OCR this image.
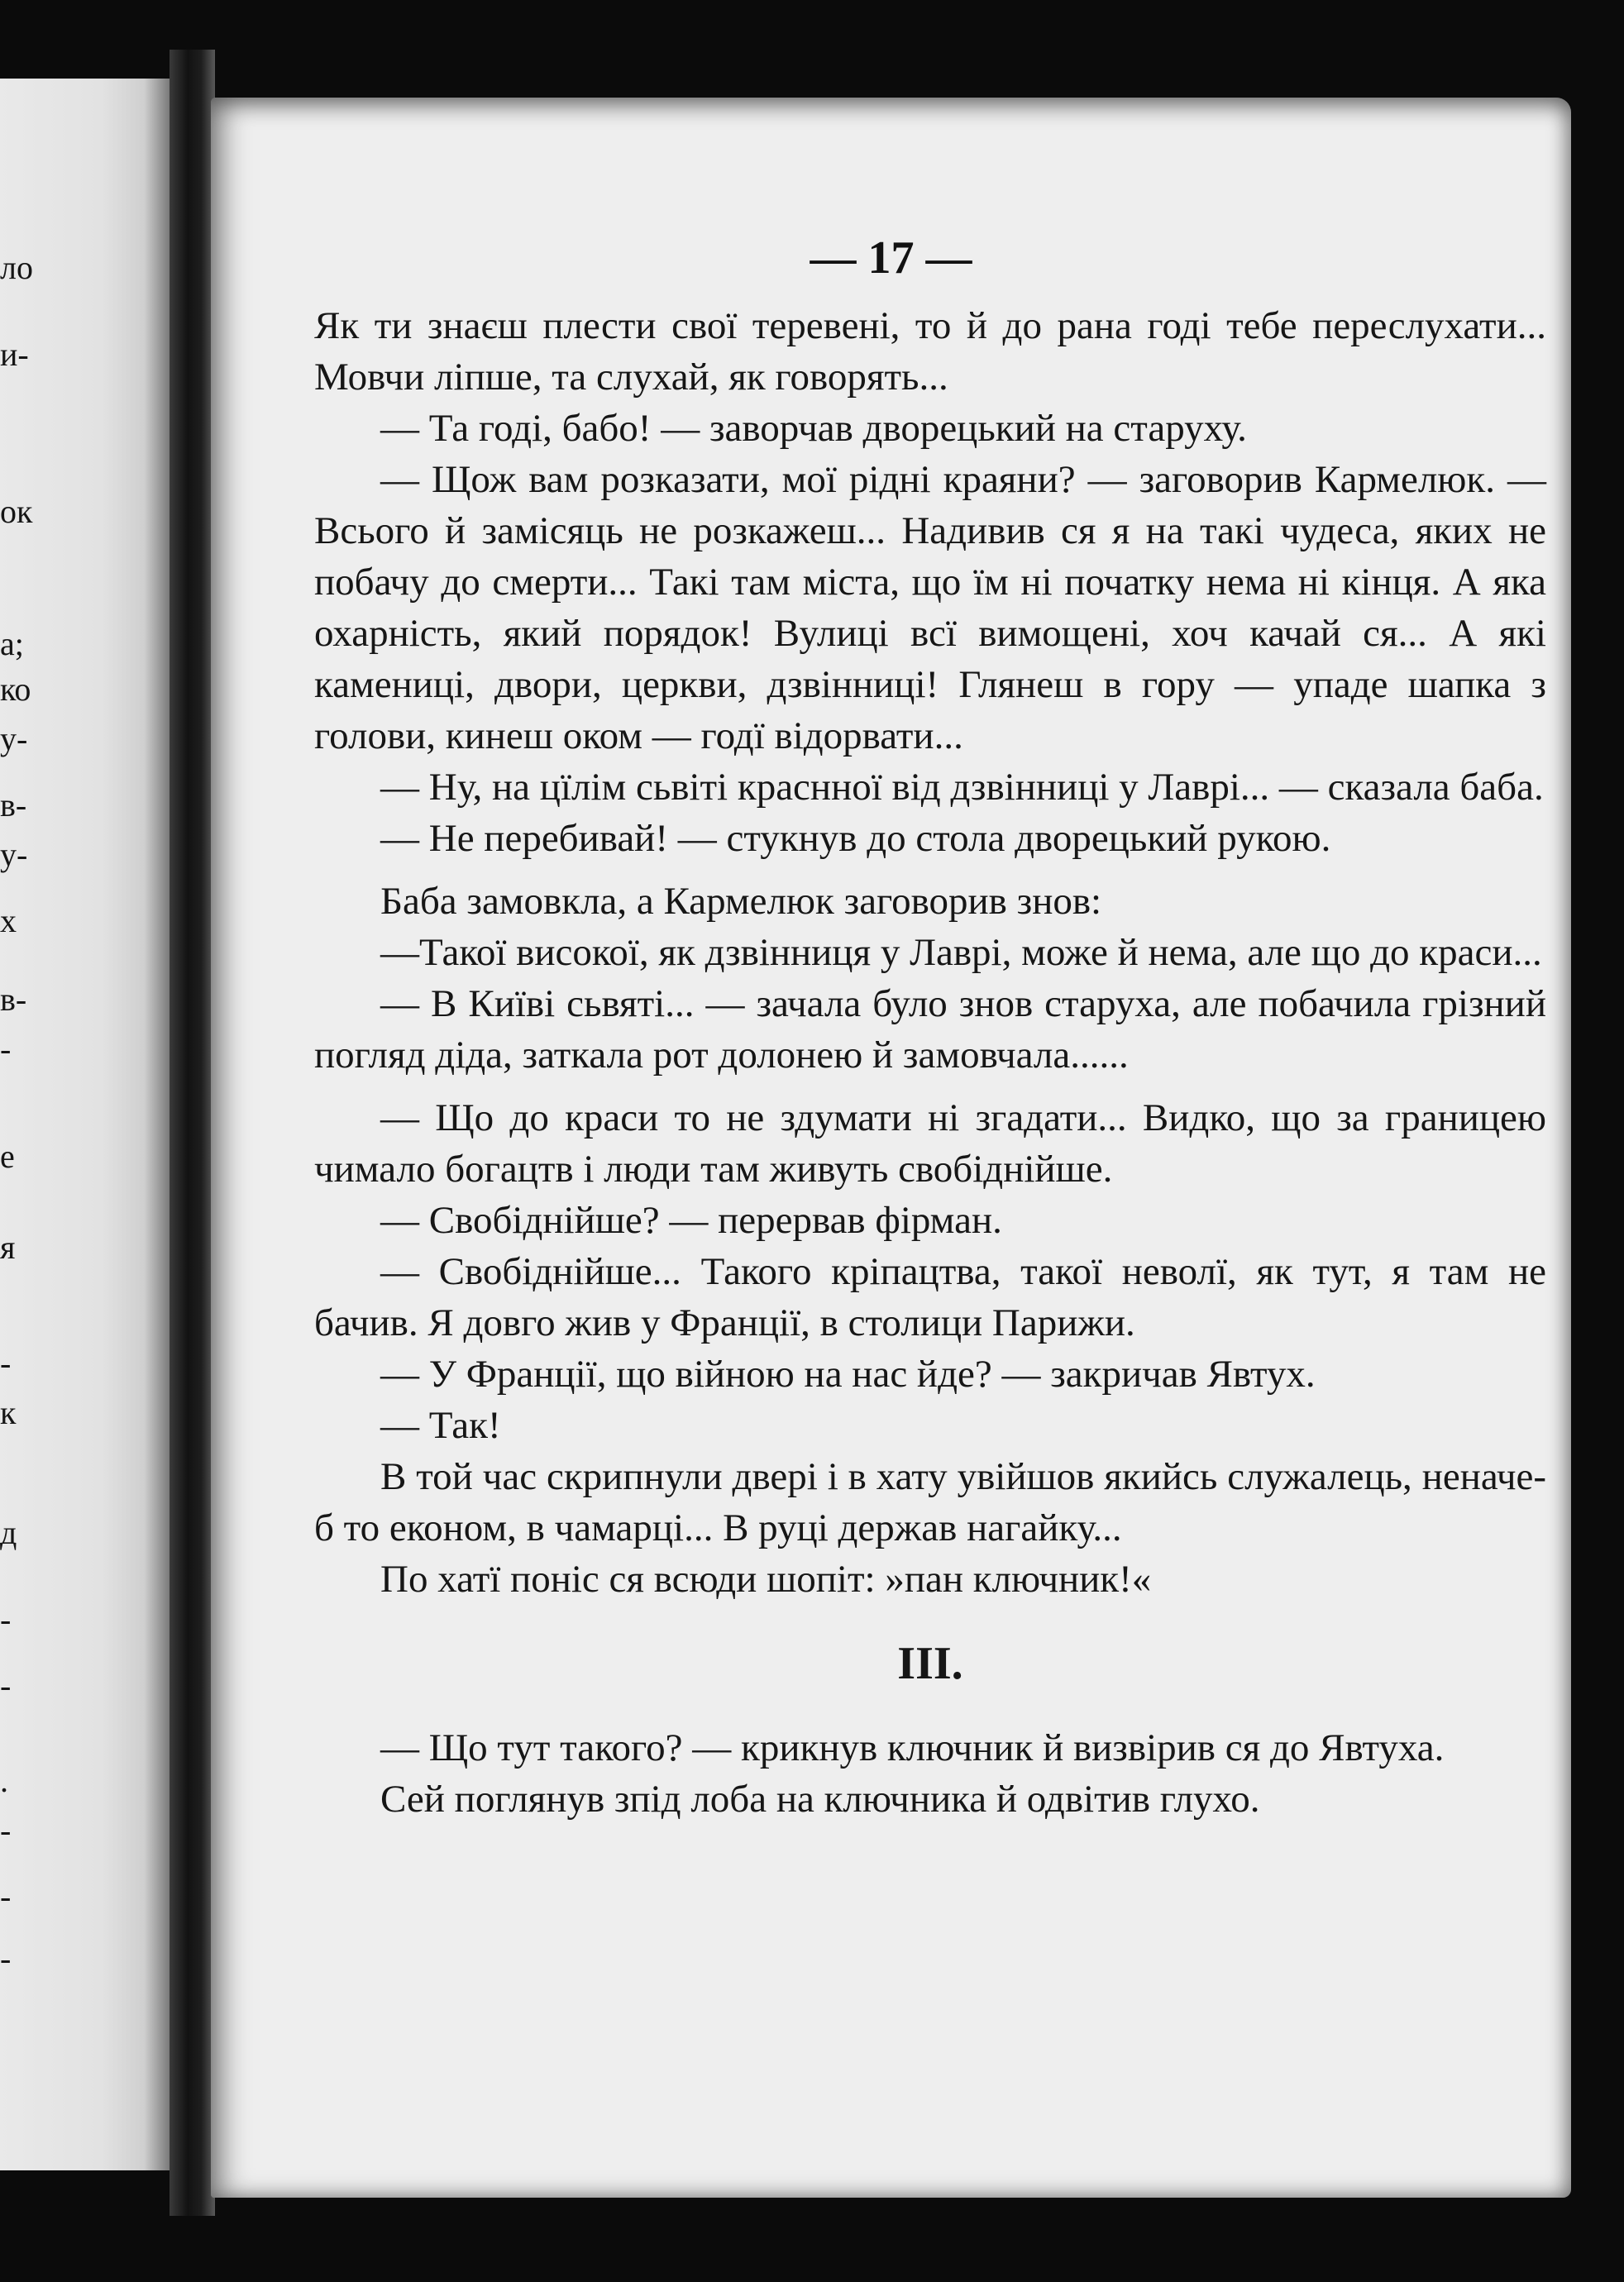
ло
и-
ок
а;
ко
у-
в-
у-
х
в-
-
е
я
-
к
д
-
-
.
-
-
-
— 17 —

Як ти знаєш плести свої теревені, то й до рана годі тебе переслухати... Мовчи ліпше, та слухай, як говорять...

— Та годі, бабо! — заворчав дворецький на старуху.

— Щож вам розказати, мої рідні краяни? — заговорив Кармелюк. — Всього й замісяць не розкажеш... Надивив ся я на такі чудеса, яких не побачу до смерти... Такі там міста, що їм ні початку нема ні кінця. А яка охарність, який порядок! Вулиці всї вимощені, хоч качай ся... А які камениці, двори, церкви, дзвінниці! Глянеш в гору — упаде шапка з голови, кинеш оком — годї відорвати...

— Ну, на цїлім сьвіті краснної від дзвінниці у Лаврі... — сказала баба.

— Не перебивай! — стукнув до стола дворецький рукою.

Баба замовкла, а Кармелюк заговорив знов:

—Такої високої, як дзвінниця у Лаврі, може й нема, але що до краси...

— В Київі сьвяті... — зачала було знов старуха, але побачила грізний погляд діда, заткала рот долонею й замовчала......

— Що до краси то не здумати ні згадати... Видко, що за границею чимало богацтв і люди там живуть свобіднійше.

— Свобіднійше? — перервав фірман.

— Свобіднійше... Такого кріпацтва, такої неволї, як тут, я там не бачив. Я довго жив у Франції, в столици Парижи.

— У Франції, що війною на нас йде? — закричав Явтух.

— Так!

В той час скрипнули двері і в хату увійшов якийсь служалець, неначе-б то економ, в чамарці... В руці держав нагайку...

По хатї поніс ся всюди шопіт: »пан ключник!«

III.

— Що тут такого? — крикнув ключник й визвірив ся до Явтуха.

Сей поглянув зпід лоба на ключника й одвітив глухо.
